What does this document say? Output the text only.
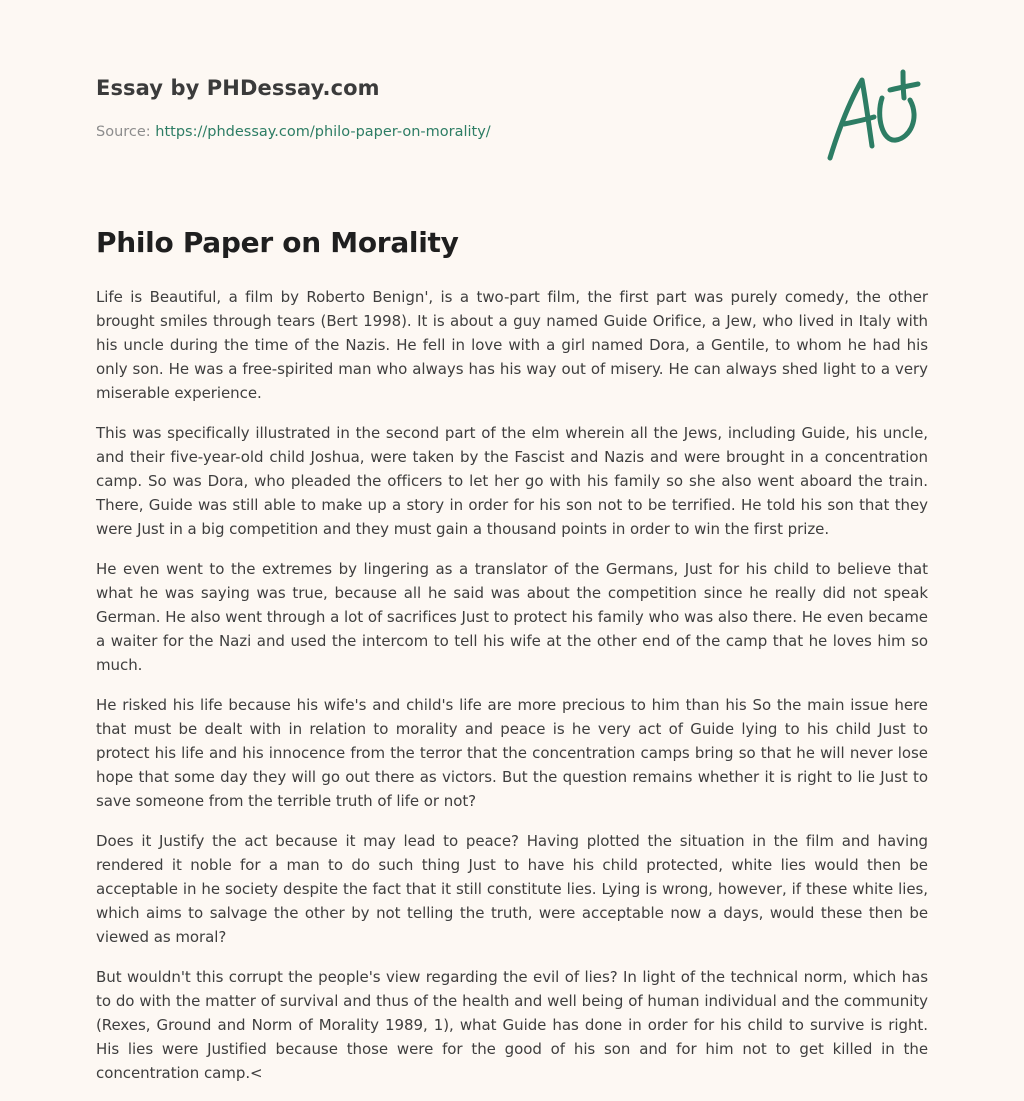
Essay by PHDessay.com
Source: https://phdessay.com/philo-paper-on-morality/
Philo Paper on Morality

Life is Beautiful, a film by Roberto Benign', is a two-part film, the first part was purely comedy, the other brought smiles through tears (Bert 1998). It is about a guy named Guide Orifice, a Jew, who lived in Italy with his uncle during the time of the Nazis. He fell in love with a girl named Dora, a Gentile, to whom he had his only son. He was a free-spirited man who always has his way out of misery. He can always shed light to a very miserable experience.

This was specifically illustrated in the second part of the elm wherein all the Jews, including Guide, his uncle, and their five-year-old child Joshua, were taken by the Fascist and Nazis and were brought in a concentration camp. So was Dora, who pleaded the officers to let her go with his family so she also went aboard the train. There, Guide was still able to make up a story in order for his son not to be terrified. He told his son that they were Just in a big competition and they must gain a thousand points in order to win the first prize.

He even went to the extremes by lingering as a translator of the Germans, Just for his child to believe that what he was saying was true, because all he said was about the competition since he really did not speak German. He also went through a lot of sacrifices Just to protect his family who was also there. He even became a waiter for the Nazi and used the intercom to tell his wife at the other end of the camp that he loves him so much.

He risked his life because his wife's and child's life are more precious to him than his So the main issue here that must be dealt with in relation to morality and peace is he very act of Guide lying to his child Just to protect his life and his innocence from the terror that the concentration camps bring so that he will never lose hope that some day they will go out there as victors. But the question remains whether it is right to lie Just to save someone from the terrible truth of life or not?

Does it Justify the act because it may lead to peace? Having plotted the situation in the film and having rendered it noble for a man to do such thing Just to have his child protected, white lies would then be acceptable in he society despite the fact that it still constitute lies. Lying is wrong, however, if these white lies, which aims to salvage the other by not telling the truth, were acceptable now a days, would these then be viewed as moral?

But wouldn't this corrupt the people's view regarding the evil of lies? In light of the technical norm, which has to do with the matter of survival and thus of the health and well being of human individual and the community (Rexes, Ground and Norm of Morality 1989, 1), what Guide has done in order for his child to survive is right. His lies were Justified because those were for the good of his son and for him not to get killed in the concentration camp.<
